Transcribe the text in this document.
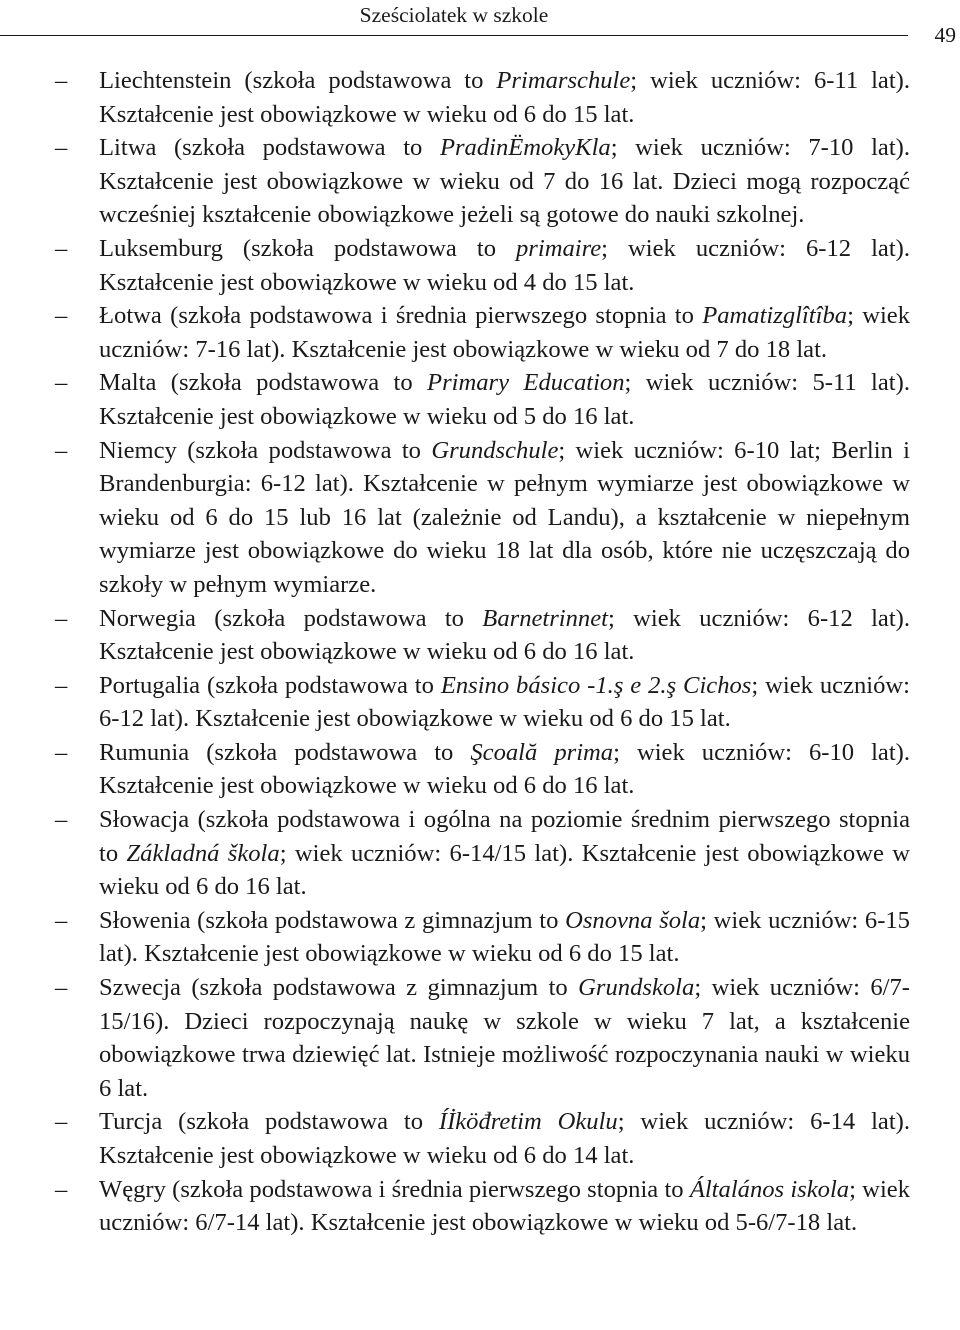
Sześciolatek w szkole
49
– Liechtenstein (szkoła podstawowa to Primarschule; wiek uczniów: 6-11 lat). Kształcenie jest obowiązkowe w wieku od 6 do 15 lat.
– Litwa (szkoła podstawowa to PradinËmokyKla; wiek uczniów: 7-10 lat). Kształcenie jest obowiązkowe w wieku od 7 do 16 lat. Dzieci mogą rozpocząć wcześniej kształcenie obowiązkowe jeżeli są gotowe do nauki szkolnej.
– Luksemburg (szkoła podstawowa to primaire; wiek uczniów: 6-12 lat). Kształcenie jest obowiązkowe w wieku od 4 do 15 lat.
– Łotwa (szkoła podstawowa i średnia pierwszego stopnia to Pamatizglîtîba; wiek uczniów: 7-16 lat). Kształcenie jest obowiązkowe w wieku od 7 do 18 lat.
– Malta (szkoła podstawowa to Primary Education; wiek uczniów: 5-11 lat). Kształcenie jest obowiązkowe w wieku od 5 do 16 lat.
– Niemcy (szkoła podstawowa to Grundschule; wiek uczniów: 6-10 lat; Berlin i Brandenburgia: 6-12 lat). Kształcenie w pełnym wymiarze jest obowiązkowe w wieku od 6 do 15 lub 16 lat (zależnie od Landu), a kształcenie w niepełnym wymiarze jest obowiązkowe do wieku 18 lat dla osób, które nie uczęszczają do szkoły w pełnym wymiarze.
– Norwegia (szkoła podstawowa to Barnetrinnet; wiek uczniów: 6-12 lat). Kształcenie jest obowiązkowe w wieku od 6 do 16 lat.
– Portugalia (szkoła podstawowa to Ensino básico -1.ş e 2.ş Cichos; wiek uczniów: 6-12 lat). Kształcenie jest obowiązkowe w wieku od 6 do 15 lat.
– Rumunia (szkoła podstawowa to Şcoală prima; wiek uczniów: 6-10 lat). Kształcenie jest obowiązkowe w wieku od 6 do 16 lat.
– Słowacja (szkoła podstawowa i ogólna na poziomie średnim pierwszego stopnia to Základná škola; wiek uczniów: 6-14/15 lat). Kształcenie jest obowiązkowe w wieku od 6 do 16 lat.
– Słowenia (szkoła podstawowa z gimnazjum to Osnovna šola; wiek uczniów: 6-15 lat). Kształcenie jest obowiązkowe w wieku od 6 do 15 lat.
– Szwecja (szkoła podstawowa z gimnazjum to Grundskola; wiek uczniów: 6/7-15/16). Dzieci rozpoczynają naukę w szkole w wieku 7 lat, a kształcenie obowiązkowe trwa dziewięć lat. Istnieje możliwość rozpoczynania nauki w wieku 6 lat.
– Turcja (szkoła podstawowa to Íİköđretim Okulu; wiek uczniów: 6-14 lat). Kształcenie jest obowiązkowe w wieku od 6 do 14 lat.
– Węgry (szkoła podstawowa i średnia pierwszego stopnia to Általános iskola; wiek uczniów: 6/7-14 lat). Kształcenie jest obowiązkowe w wieku od 5-6/7-18 lat.
